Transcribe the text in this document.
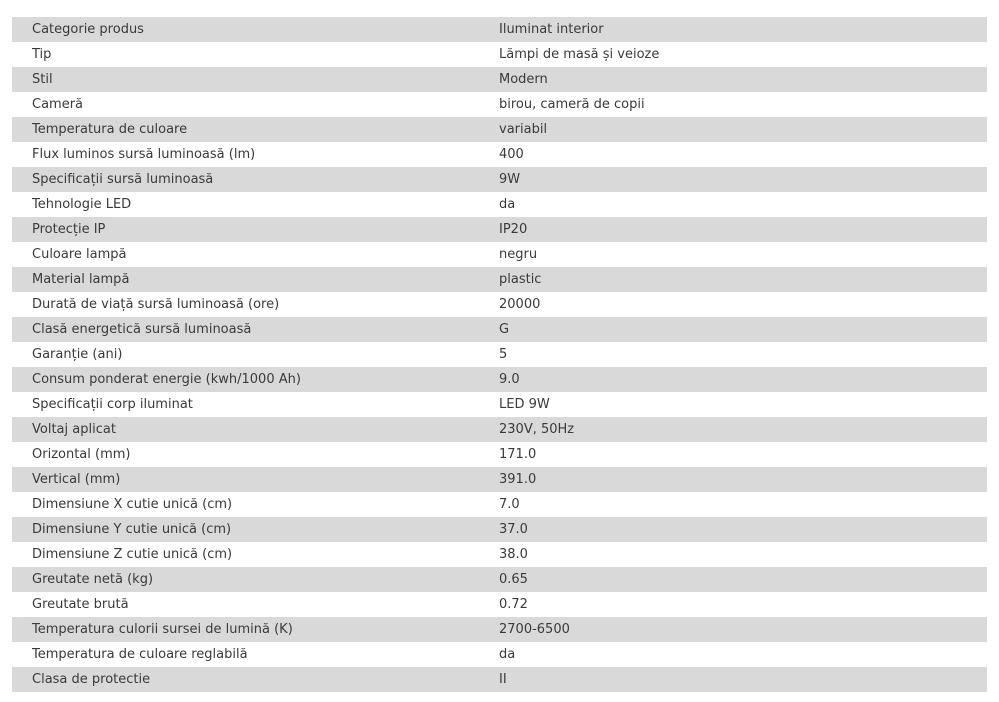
Categorie produs	Iluminat interior
Tip	Lămpi de masă și veioze
Stil	Modern
Cameră	birou, cameră de copii
Temperatura de culoare	variabil
Flux luminos sursă luminoasă (lm)	400
Specificații sursă luminoasă	9W
Tehnologie LED	da
Protecție IP	IP20
Culoare lampă	negru
Material lampă	plastic
Durată de viață sursă luminoasă (ore)	20000
Clasă energetică sursă luminoasă	G
Garanție (ani)	5
Consum ponderat energie (kwh/1000 Ah)	9.0
Specificații corp iluminat	LED 9W
Voltaj aplicat	230V, 50Hz
Orizontal (mm)	171.0
Vertical (mm)	391.0
Dimensiune X cutie unică (cm)	7.0
Dimensiune Y cutie unică (cm)	37.0
Dimensiune Z cutie unică (cm)	38.0
Greutate netă (kg)	0.65
Greutate brută	0.72
Temperatura culorii sursei de lumină (K)	2700-6500
Temperatura de culoare reglabilă	da
Clasa de protectie	II
